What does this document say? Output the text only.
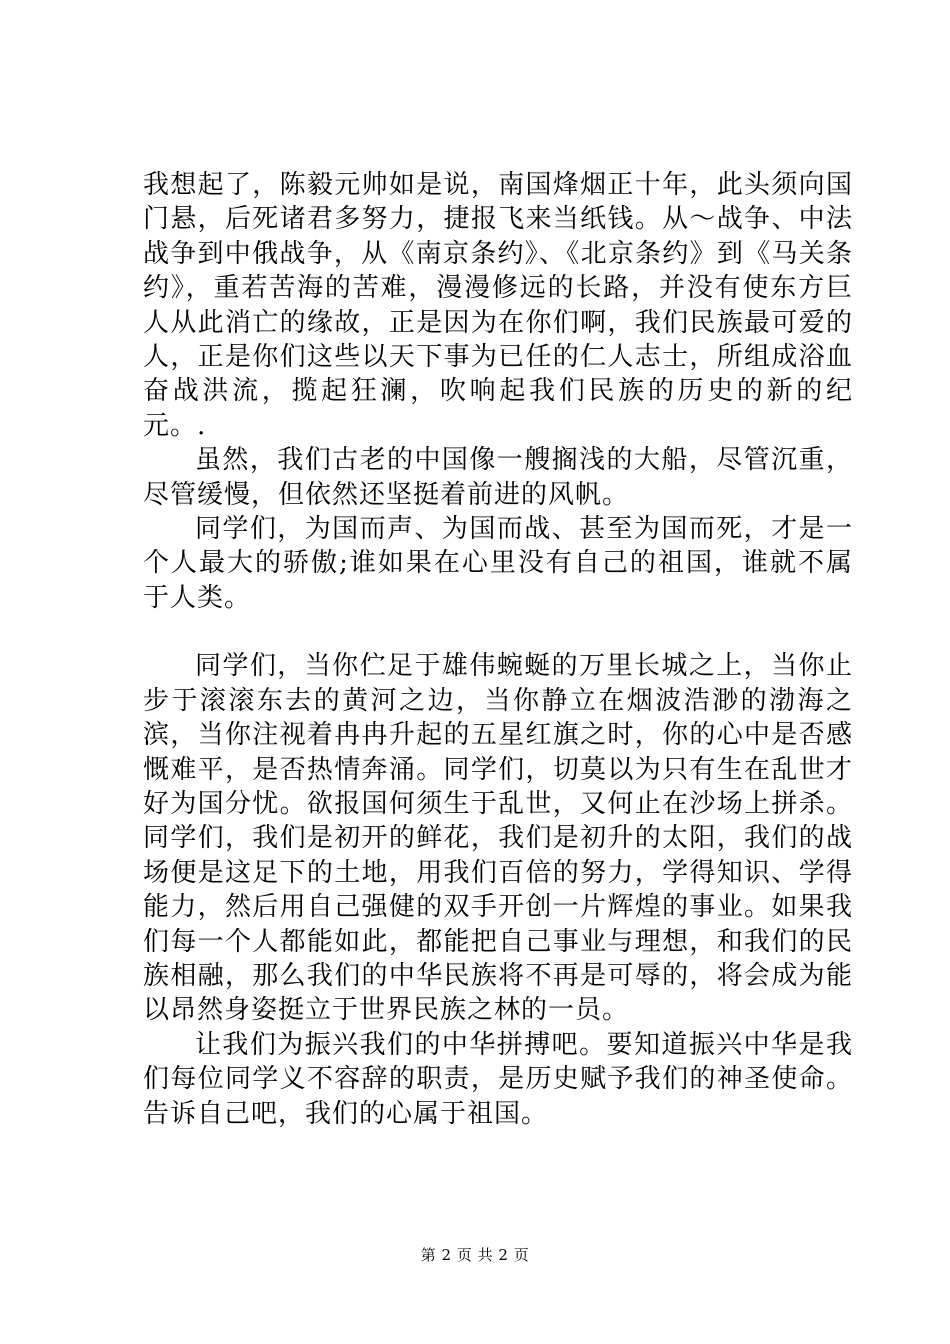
我想起了，陈毅元帅如是说，南国烽烟正十年，此头须向国门悬，后死诸君多努力，捷报飞来当纸钱。从～战争、中法战争到中俄战争，从《南京条约》、《北京条约》到《马关条约》，重若苦海的苦难，漫漫修远的长路，并没有使东方巨人从此消亡的缘故，正是因为在你们啊，我们民族最可爱的人，正是你们这些以天下事为已任的仁人志士，所组成浴血奋战洪流，揽起狂澜，吹响起我们民族的历史的新的纪元。.

虽然，我们古老的中国像一艘搁浅的大船，尽管沉重，尽管缓慢，但依然还坚挺着前进的风帆。

同学们，为国而声、为国而战、甚至为国而死，才是一个人最大的骄傲;谁如果在心里没有自己的祖国，谁就不属于人类。

同学们，当你伫足于雄伟蜿蜒的万里长城之上，当你止步于滚滚东去的黄河之边，当你静立在烟波浩渺的渤海之滨，当你注视着冉冉升起的五星红旗之时，你的心中是否感慨难平，是否热情奔涌。同学们，切莫以为只有生在乱世才好为国分忧。欲报国何须生于乱世，又何止在沙场上拼杀。同学们，我们是初开的鲜花，我们是初升的太阳，我们的战场便是这足下的土地，用我们百倍的努力，学得知识、学得能力，然后用自己强健的双手开创一片辉煌的事业。如果我们每一个人都能如此，都能把自己事业与理想，和我们的民族相融，那么我们的中华民族将不再是可辱的，将会成为能以昂然身姿挺立于世界民族之林的一员。

让我们为振兴我们的中华拼搏吧。要知道振兴中华是我们每位同学义不容辞的职责，是历史赋予我们的神圣使命。告诉自己吧，我们的心属于祖国。

第 2 页 共 2 页
